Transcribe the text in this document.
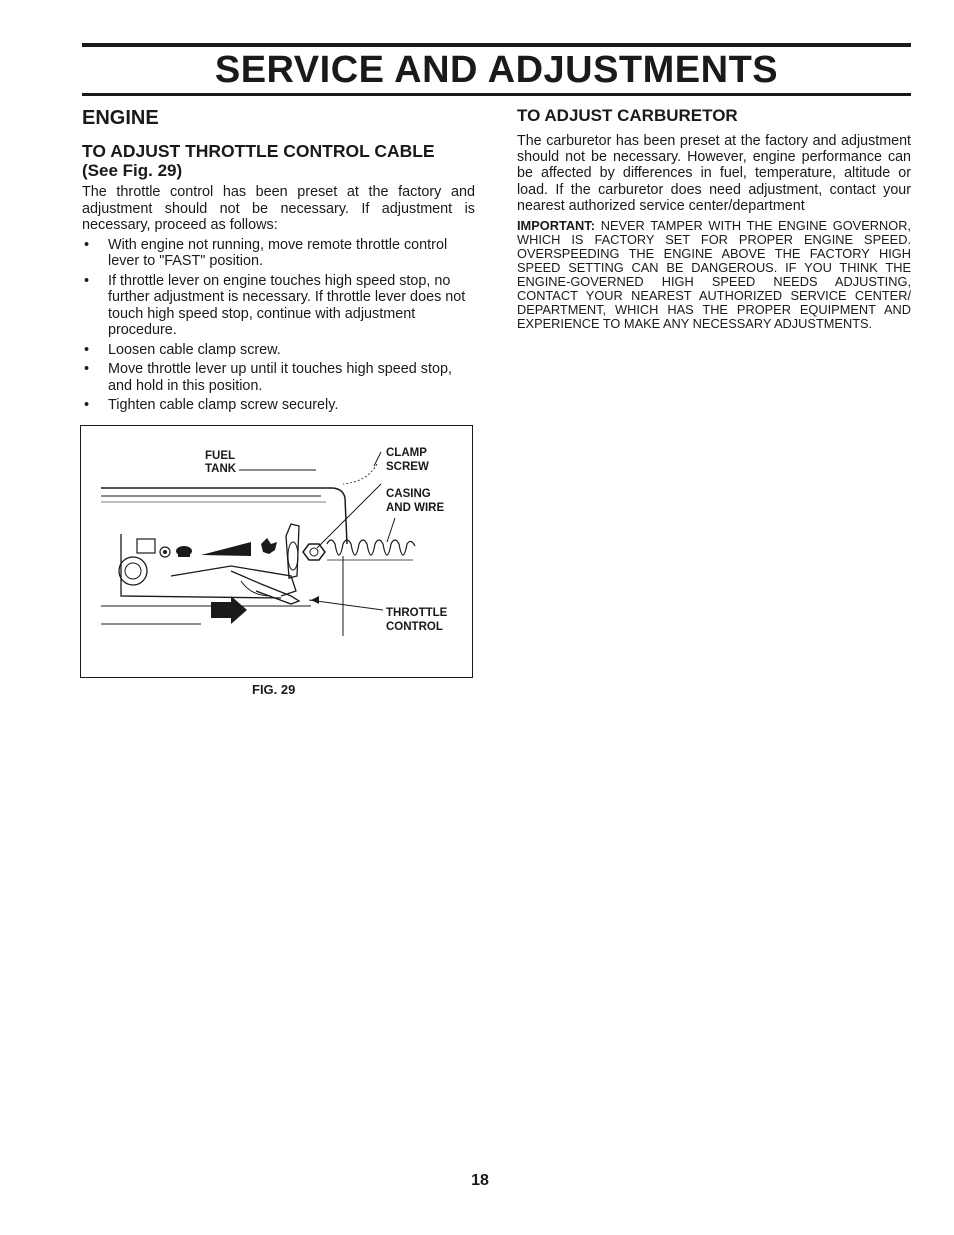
SERVICE AND ADJUSTMENTS
ENGINE
TO ADJUST THROTTLE CONTROL CABLE
(See Fig. 29)

The throttle control has been preset at the factory and adjustment should not be necessary. If adjustment is necessary, proceed as follows:

• With engine not running, move remote throttle control lever to "FAST" position.
• If throttle lever on engine touches high speed stop, no further adjustment is necessary. If throttle lever does not touch high speed stop, continue with adjustment procedure.
• Loosen cable clamp screw.
• Move throttle lever up until it touches high speed stop, and hold in this position.
• Tighten cable clamp screw securely.
FUEL
TANK
CLAMP
SCREW
CASING
AND WIRE
THROTTLE
CONTROL
FIG. 29
TO ADJUST CARBURETOR

The carburetor has been preset at the factory and adjustment should not be necessary. However, engine performance can be affected by differences in fuel, temperature, altitude or load. If the carburetor does need adjustment, contact your nearest authorized service center/department

IMPORTANT: NEVER TAMPER WITH THE ENGINE GOVERNOR, WHICH IS FACTORY SET FOR PROPER ENGINE SPEED. OVERSPEEDING THE ENGINE ABOVE THE FACTORY HIGH SPEED SETTING CAN BE DANGEROUS. IF YOU THINK THE ENGINE-GOVERNED HIGH SPEED NEEDS ADJUSTING, CONTACT YOUR NEAREST AUTHORIZED SERVICE CENTER/ DEPARTMENT, WHICH HAS THE PROPER EQUIPMENT AND EXPERIENCE TO MAKE ANY NECESSARY ADJUSTMENTS.

18
